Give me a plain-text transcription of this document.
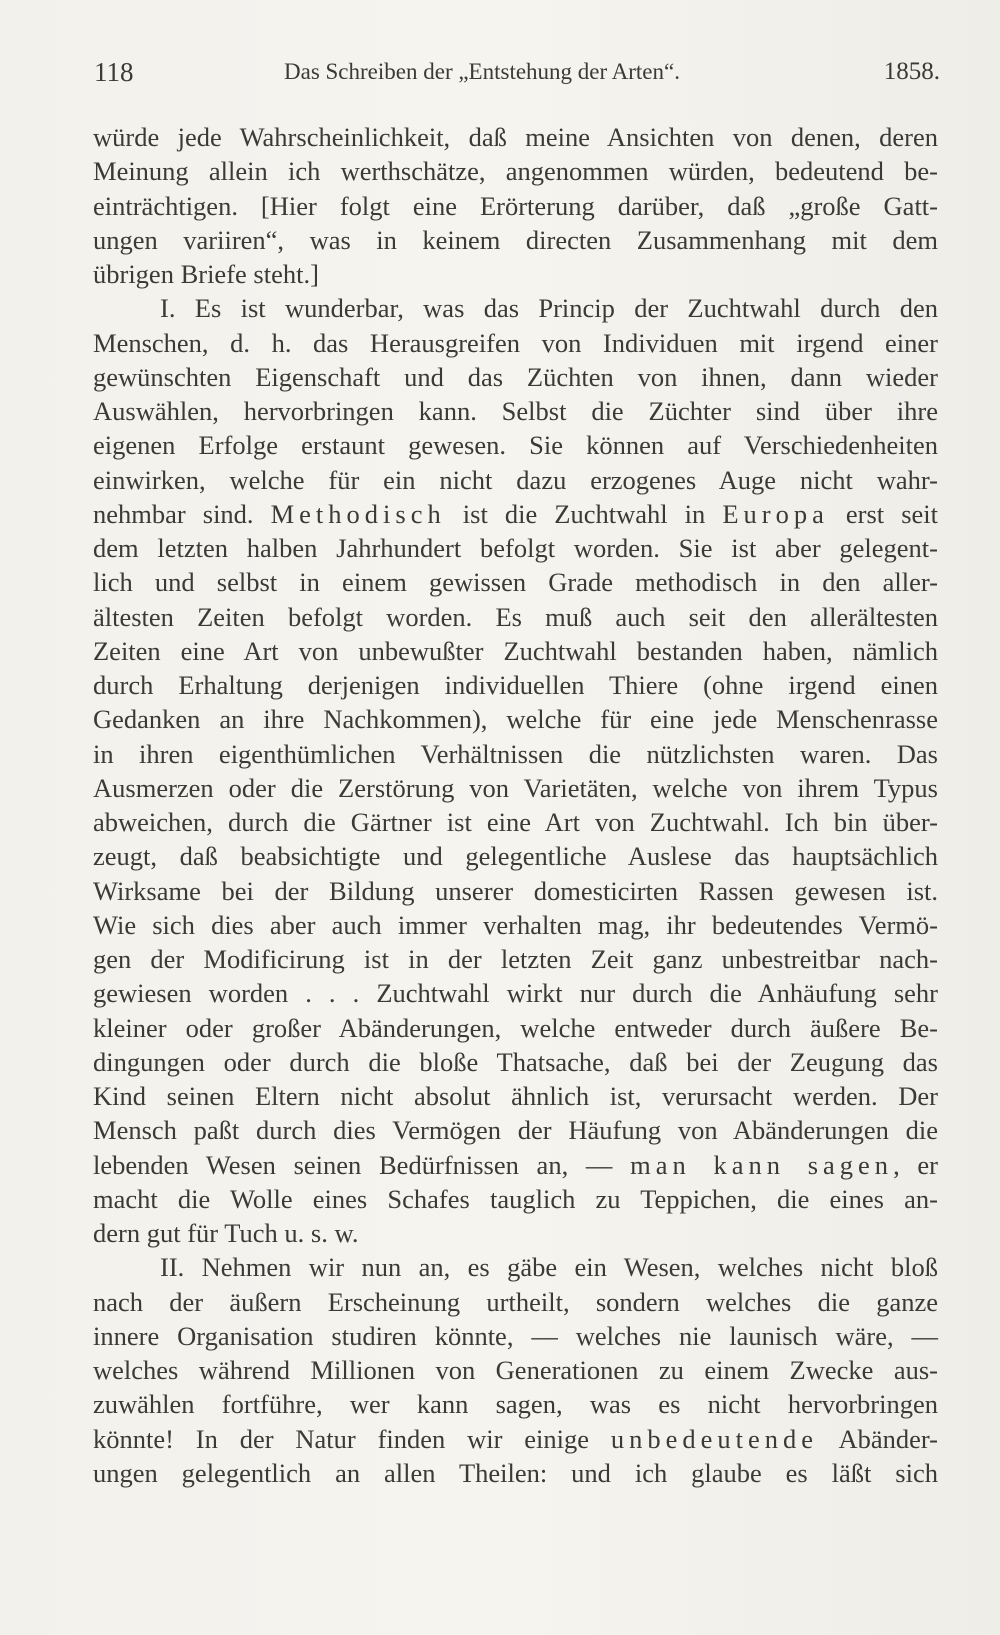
118	Das Schreiben der „Entstehung der Arten“.	1858.
würde jede Wahrscheinlichkeit, daß meine Ansichten von denen, deren
Meinung allein ich werthschätze, angenommen würden, bedeutend be-
einträchtigen. [Hier folgt eine Erörterung darüber, daß „große Gatt-
ungen variiren“, was in keinem directen Zusammenhang mit dem
übrigen Briefe steht.]
I. Es ist wunderbar, was das Princip der Zuchtwahl durch den
Menschen, d. h. das Herausgreifen von Individuen mit irgend einer
gewünschten Eigenschaft und das Züchten von ihnen, dann wieder
Auswählen, hervorbringen kann. Selbst die Züchter sind über ihre
eigenen Erfolge erstaunt gewesen. Sie können auf Verschiedenheiten
einwirken, welche für ein nicht dazu erzogenes Auge nicht wahr-
nehmbar sind. Methodisch ist die Zuchtwahl in Europa erst seit
dem letzten halben Jahrhundert befolgt worden. Sie ist aber gelegent-
lich und selbst in einem gewissen Grade methodisch in den aller-
ältesten Zeiten befolgt worden. Es muß auch seit den allerältesten
Zeiten eine Art von unbewußter Zuchtwahl bestanden haben, nämlich
durch Erhaltung derjenigen individuellen Thiere (ohne irgend einen
Gedanken an ihre Nachkommen), welche für eine jede Menschenrasse
in ihren eigenthümlichen Verhältnissen die nützlichsten waren. Das
Ausmerzen oder die Zerstörung von Varietäten, welche von ihrem Typus
abweichen, durch die Gärtner ist eine Art von Zuchtwahl. Ich bin über-
zeugt, daß beabsichtigte und gelegentliche Auslese das hauptsächlich
Wirksame bei der Bildung unserer domesticirten Rassen gewesen ist.
Wie sich dies aber auch immer verhalten mag, ihr bedeutendes Vermö-
gen der Modificirung ist in der letzten Zeit ganz unbestreitbar nach-
gewiesen worden . . . Zuchtwahl wirkt nur durch die Anhäufung sehr
kleiner oder großer Abänderungen, welche entweder durch äußere Be-
dingungen oder durch die bloße Thatsache, daß bei der Zeugung das
Kind seinen Eltern nicht absolut ähnlich ist, verursacht werden. Der
Mensch paßt durch dies Vermögen der Häufung von Abänderungen die
lebenden Wesen seinen Bedürfnissen an, — man kann sagen, er
macht die Wolle eines Schafes tauglich zu Teppichen, die eines an-
dern gut für Tuch u. s. w.
II. Nehmen wir nun an, es gäbe ein Wesen, welches nicht bloß
nach der äußern Erscheinung urtheilt, sondern welches die ganze
innere Organisation studiren könnte, — welches nie launisch wäre, —
welches während Millionen von Generationen zu einem Zwecke aus-
zuwählen fortführe, wer kann sagen, was es nicht hervorbringen
könnte! In der Natur finden wir einige unbedeutende Abänder-
ungen gelegentlich an allen Theilen: und ich glaube es läßt sich
